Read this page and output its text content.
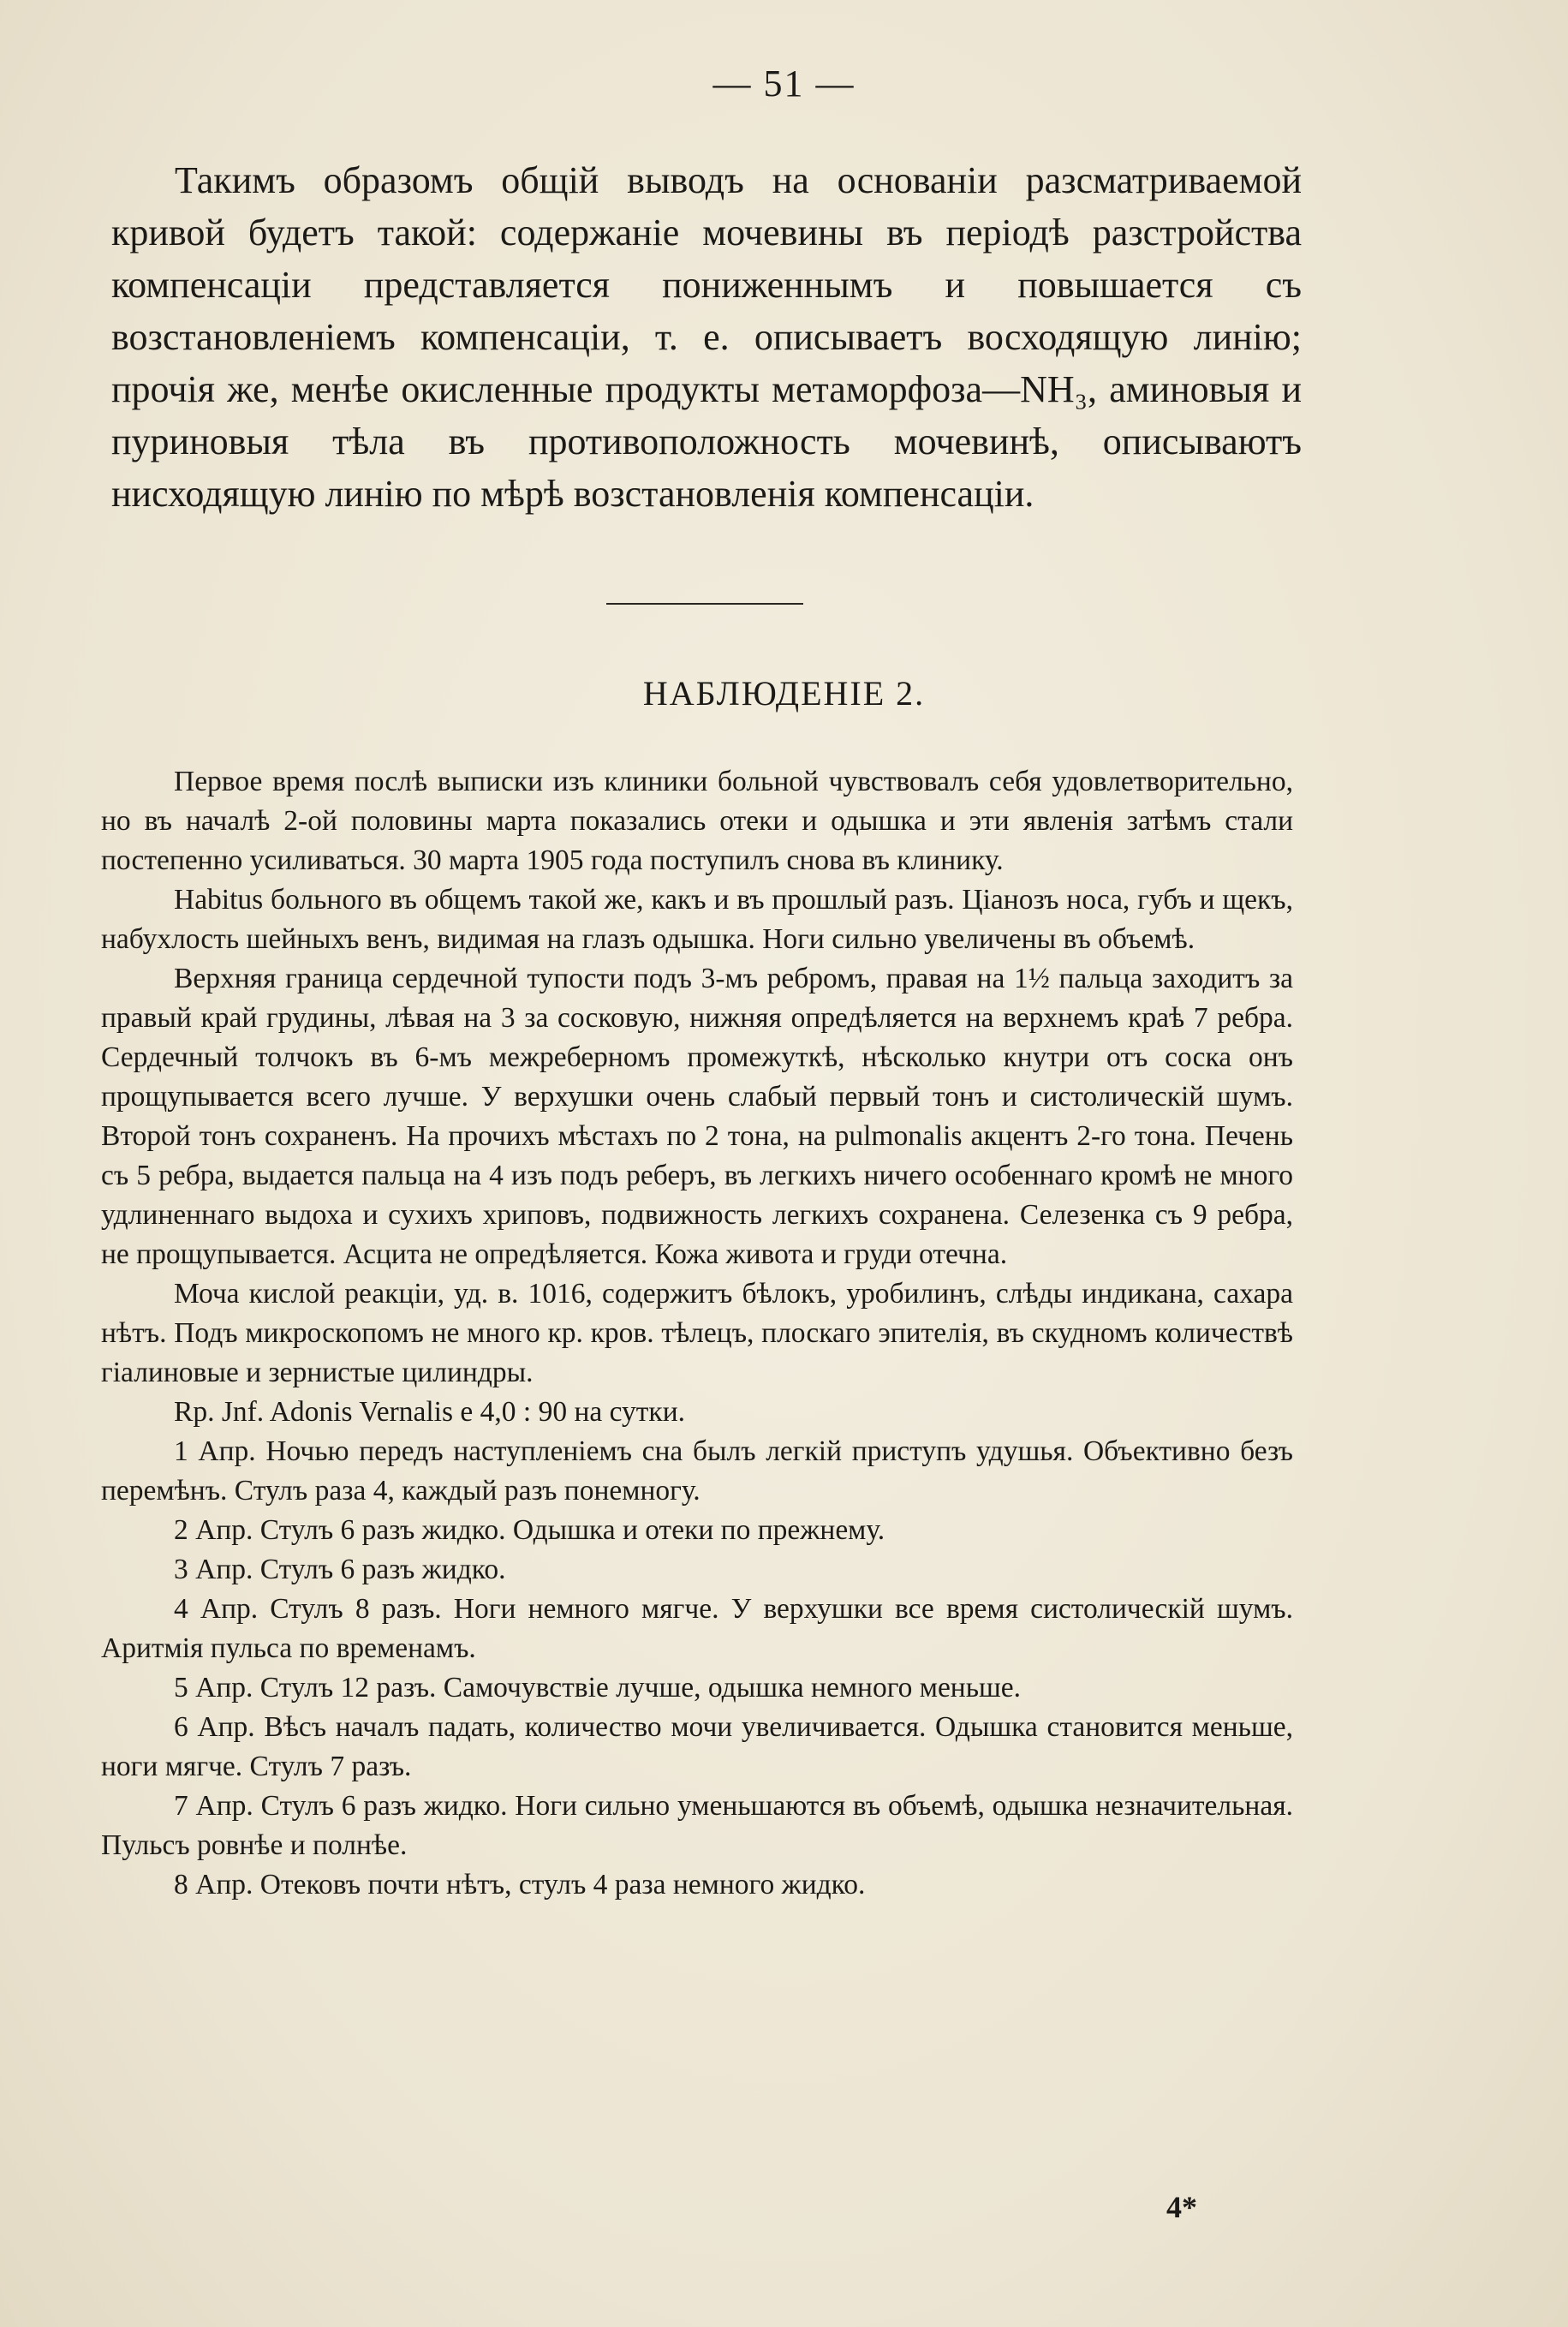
— 51 —
Такимъ образомъ общій выводъ на основаніи разсматриваемой кривой будетъ такой: содержаніе мочевины въ періодѣ разстройства компенсаціи представляется пониженнымъ и повышается съ возстановленіемъ компенсаціи, т. е. описываетъ восходящую линію; прочія же, менѣе окисленные продукты метаморфоза—NH₃, аминовыя и пуриновыя тѣла въ противоположность мочевинѣ, описываютъ нисходящую линію по мѣрѣ возстановленія компенсаціи.
НАБЛЮДЕНІЕ 2.

Первое время послѣ выписки изъ клиники больной чувствовалъ себя удовлетворительно, но въ началѣ 2-ой половины марта показались отеки и одышка и эти явленія затѣмъ стали постепенно усиливаться. 30 марта 1905 года поступилъ снова въ клинику.

Habitus больного въ общемъ такой же, какъ и въ прошлый разъ. Ціанозъ носа, губъ и щекъ, набухлость шейныхъ венъ, видимая на глазъ одышка. Ноги сильно увеличены въ объемѣ.

Верхняя граница сердечной тупости подъ 3-мъ ребромъ, правая на 1½ пальца заходитъ за правый край грудины, лѣвая на 3 за сосковую, нижняя опредѣляется на верхнемъ краѣ 7 ребра. Сердечный толчокъ въ 6-мъ межреберномъ промежуткѣ, нѣсколько кнутри отъ соска онъ прощупывается всего лучше. У верхушки очень слабый первый тонъ и систолическій шумъ. Второй тонъ сохраненъ. На прочихъ мѣстахъ по 2 тона, на pulmonalis акцентъ 2-го тона. Печень съ 5 ребра, выдается пальца на 4 изъ подъ реберъ, въ легкихъ ничего особеннаго кромѣ не много удлиненнаго выдоха и сухихъ хриповъ, подвижность легкихъ сохранена. Селезенка съ 9 ребра, не прощупывается. Асцита не опредѣляется. Кожа живота и груди отечна.

Моча кислой реакціи, уд. в. 1016, содержитъ бѣлокъ, уробилинъ, слѣды индикана, сахара нѣтъ. Подъ микроскопомъ не много кр. кров. тѣлецъ, плоскаго эпителія, въ скудномъ количествѣ гіалиновые и зернистые цилиндры.

Rp. Jnf. Adonis Vernalis e 4,0 : 90 на сутки.

1 Апр. Ночью передъ наступленіемъ сна былъ легкій приступъ удушья. Объективно безъ перемѣнъ. Стулъ раза 4, каждый разъ понемногу.

2 Апр. Стулъ 6 разъ жидко. Одышка и отеки по прежнему.

3 Апр. Стулъ 6 разъ жидко.

4 Апр. Стулъ 8 разъ. Ноги немного мягче. У верхушки все время систолическій шумъ. Аритмія пульса по временамъ.

5 Апр. Стулъ 12 разъ. Самочувствіе лучше, одышка немного меньше.

6 Апр. Вѣсъ началъ падать, количество мочи увеличивается. Одышка становится меньше, ноги мягче. Стулъ 7 разъ.

7 Апр. Стулъ 6 разъ жидко. Ноги сильно уменьшаются въ объемѣ, одышка незначительная. Пульсъ ровнѣе и полнѣе.

8 Апр. Отековъ почти нѣтъ, стулъ 4 раза немного жидко.

4*
